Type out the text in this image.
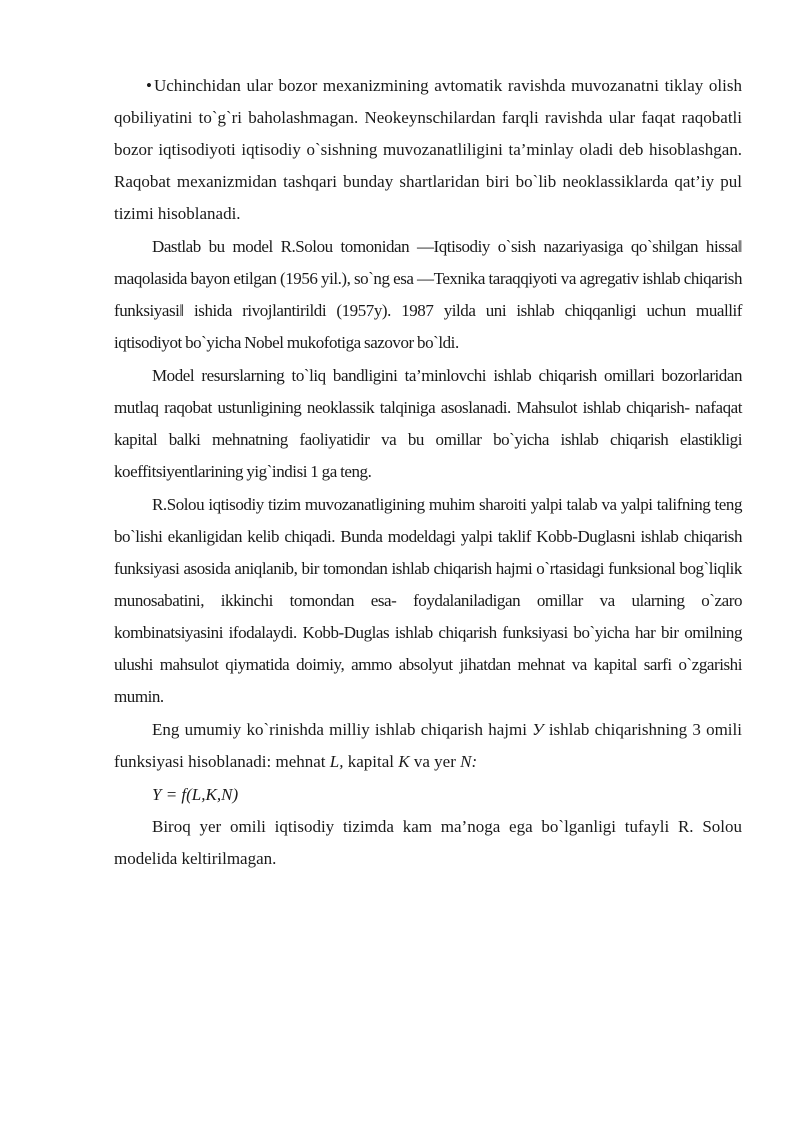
• Uchinchidan ular bozor mexanizmining avtomatik ravishda muvozanatni tiklay olish qobiliyatini to`g`ri baholashmagan. Neokeynschilardan farqli ravishda ular faqat raqobatli bozor iqtisodiyoti iqtisodiy o`sishning muvozanatliligini ta’minlay oladi deb hisoblashgan. Raqobat mexanizmidan tashqari bunday shartlaridan biri bo`lib neoklassiklarda qat’iy pul tizimi hisoblanadi.

Dastlab bu model R.Solou tomonidan ―Iqtisodiy o`sish nazariyasiga qo`shilgan hissa‖ maqolasida bayon etilgan (1956 yil.), so`ng esa ―Texnika taraqqiyoti va agregativ ishlab chiqarish funksiyasi‖ ishida rivojlantirildi (1957y). 1987 yilda uni ishlab chiqqanligi uchun muallif iqtisodiyot bo`yicha Nobel mukofotiga sazovor bo`ldi.

Model resurslarning to`liq bandligini ta’minlovchi ishlab chiqarish omillari bozorlaridan mutlaq raqobat ustunligining neoklassik talqiniga asoslanadi. Mahsulot ishlab chiqarish- nafaqat kapital balki mehnatning faoliyatidir va bu omillar bo`yicha ishlab chiqarish elastikligi koeffitsiyentlarining yig`indisi 1 ga teng.

R.Solou iqtisodiy tizim muvozanatligining muhim sharoiti yalpi talab va yalpi talifning teng bo`lishi ekanligidan kelib chiqadi. Bunda modeldagi yalpi taklif Kobb-Duglasni ishlab chiqarish funksiyasi asosida aniqlanib, bir tomondan ishlab chiqarish hajmi o`rtasidagi funksional bog`liqlik munosabatini, ikkinchi tomondan esa- foydalaniladigan omillar va ularning o`zaro kombinatsiyasini ifodalaydi. Kobb-Duglas ishlab chiqarish funksiyasi bo`yicha har bir omilning ulushi mahsulot qiymatida doimiy, ammo absolyut jihatdan mehnat va kapital sarfi o`zgarishi mumin.

Eng umumiy ko`rinishda milliy ishlab chiqarish hajmi У ishlab chiqarishning 3 omili funksiyasi hisoblanadi: mehnat L, kapital K va yer N:

Y = f(L,K,N)

Biroq yer omili iqtisodiy tizimda kam ma’noga ega bo`lganligi tufayli R. Solou modelida keltirilmagan.
